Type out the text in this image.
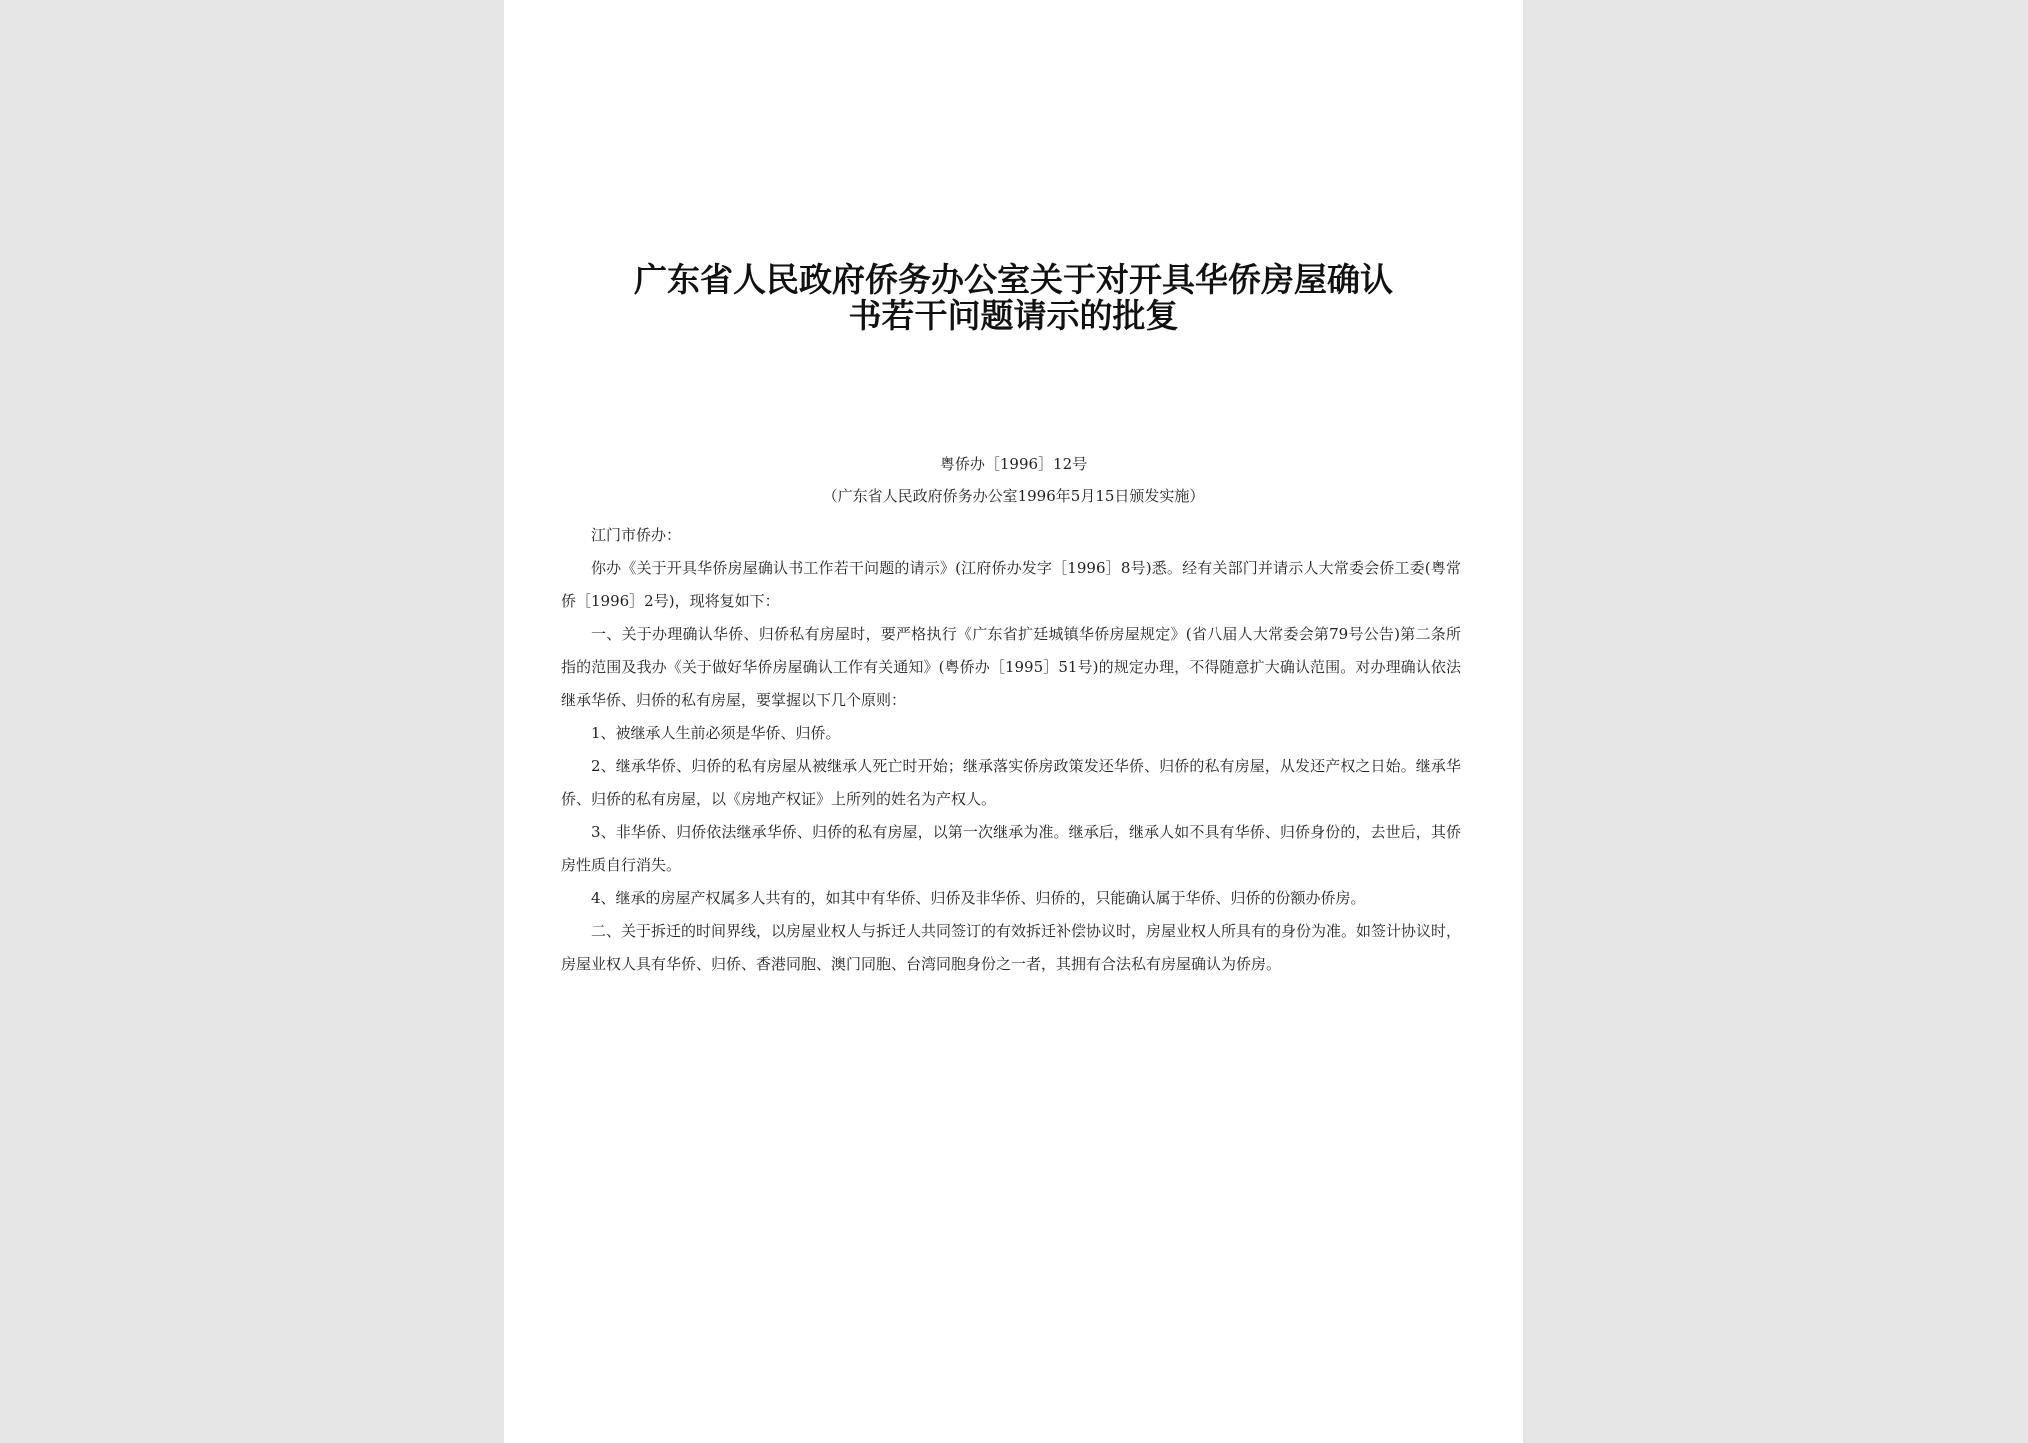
广东省人民政府侨务办公室关于对开具华侨房屋确认
书若干问题请示的批复
粤侨办［1996］12号
（广东省人民政府侨务办公室1996年5月15日颁发实施）

江门市侨办：

你办《关于开具华侨房屋确认书工作若干问题的请示》(江府侨办发字［1996］8号)悉。经有关部门并请示人大常委会侨工委(粤常侨［1996］2号)，现将复如下：

一、关于办理确认华侨、归侨私有房屋时，要严格执行《广东省扩廷城镇华侨房屋规定》(省八届人大常委会第79号公告)第二条所指的范围及我办《关于做好华侨房屋确认工作有关通知》(粤侨办［1995］51号)的规定办理，不得随意扩大确认范围。对办理确认依法继承华侨、归侨的私有房屋，要掌握以下几个原则：

1、被继承人生前必须是华侨、归侨。

2、继承华侨、归侨的私有房屋从被继承人死亡时开始；继承落实侨房政策发还华侨、归侨的私有房屋，从发还产权之日始。继承华侨、归侨的私有房屋，以《房地产权证》上所列的姓名为产权人。

3、非华侨、归侨依法继承华侨、归侨的私有房屋，以第一次继承为准。继承后，继承人如不具有华侨、归侨身份的，去世后，其侨房性质自行消失。

4、继承的房屋产权属多人共有的，如其中有华侨、归侨及非华侨、归侨的，只能确认属于华侨、归侨的份额办侨房。

二、关于拆迁的时间界线，以房屋业权人与拆迁人共同签订的有效拆迁补偿协议时，房屋业权人所具有的身份为准。如签计协议时，房屋业权人具有华侨、归侨、香港同胞、澳门同胞、台湾同胞身份之一者，其拥有合法私有房屋确认为侨房。
